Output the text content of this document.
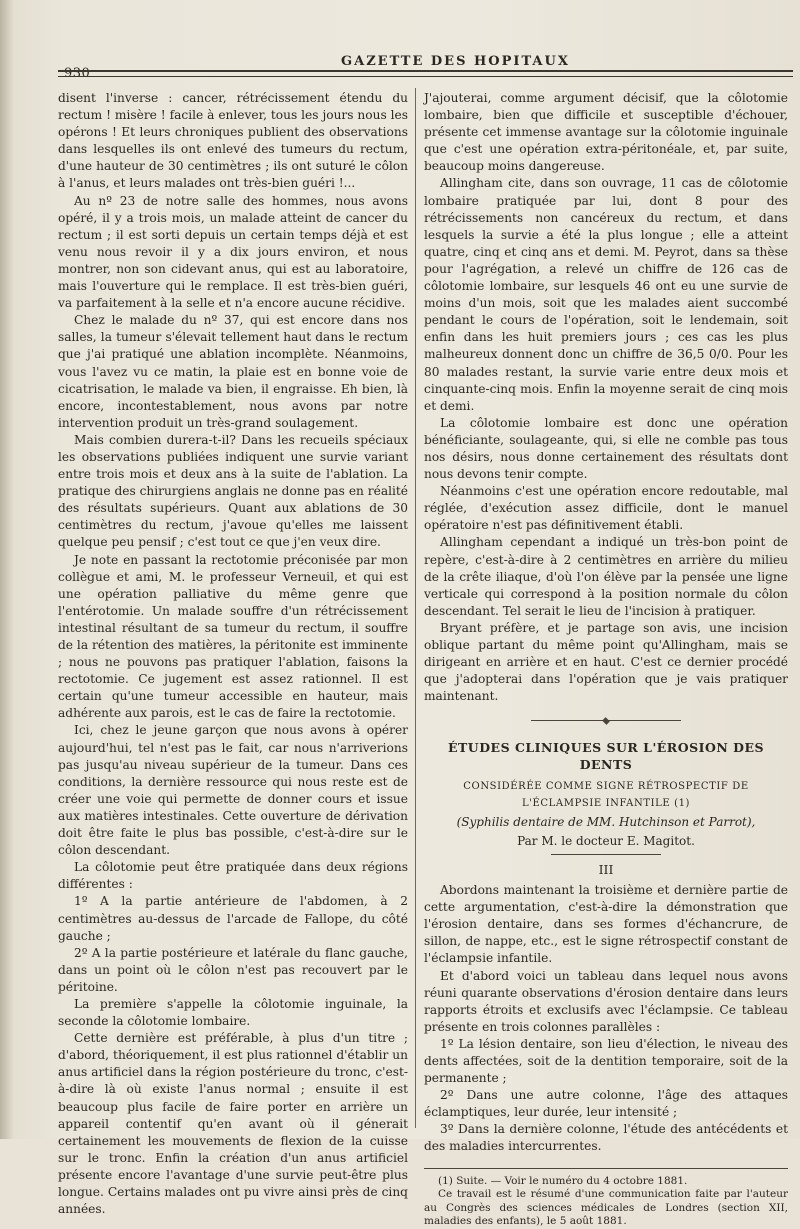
930
GAZETTE DES HOPITAUX

disent l'inverse : cancer, rétrécissement étendu du rectum ! misère ! facile à enlever, tous les jours nous les opérons ! Et leurs chroniques publient des observations dans lesquelles ils ont enlevé des tumeurs du rectum, d'une hauteur de 30 centimètres ; ils ont suturé le côlon à l'anus, et leurs malades ont très-bien guéri !...

Au nº 23 de notre salle des hommes, nous avons opéré, il y a trois mois, un malade atteint de cancer du rectum ; il est sorti depuis un certain temps déjà et est venu nous revoir il y a dix jours environ, et nous montrer, non son cidevant anus, qui est au laboratoire, mais l'ouverture qui le remplace. Il est très-bien guéri, va parfaitement à la selle et n'a encore aucune récidive.

Chez le malade du nº 37, qui est encore dans nos salles, la tumeur s'élevait tellement haut dans le rectum que j'ai pratiqué une ablation incomplète. Néanmoins, vous l'avez vu ce matin, la plaie est en bonne voie de cicatrisation, le malade va bien, il engraisse. Eh bien, là encore, incontestablement, nous avons par notre intervention produit un très-grand soulagement.

Mais combien durera-t-il? Dans les recueils spéciaux les observations publiées indiquent une survie variant entre trois mois et deux ans à la suite de l'ablation. La pratique des chirurgiens anglais ne donne pas en réalité des résultats supérieurs. Quant aux ablations de 30 centimètres du rectum, j'avoue qu'elles me laissent quelque peu pensif ; c'est tout ce que j'en veux dire.

Je note en passant la rectotomie préconisée par mon collègue et ami, M. le professeur Verneuil, et qui est une opération palliative du même genre que l'entérotomie. Un malade souffre d'un rétrécissement intestinal résultant de sa tumeur du rectum, il souffre de la rétention des matières, la péritonite est imminente ; nous ne pouvons pas pratiquer l'ablation, faisons la rectotomie. Ce jugement est assez rationnel. Il est certain qu'une tumeur accessible en hauteur, mais adhérente aux parois, est le cas de faire la rectotomie.

Ici, chez le jeune garçon que nous avons à opérer aujourd'hui, tel n'est pas le fait, car nous n'arriverions pas jusqu'au niveau supérieur de la tumeur. Dans ces conditions, la dernière ressource qui nous reste est de créer une voie qui permette de donner cours et issue aux matières intestinales. Cette ouverture de dérivation doit être faite le plus bas possible, c'est-à-dire sur le côlon descendant.

La côlotomie peut être pratiquée dans deux régions différentes :

1º A la partie antérieure de l'abdomen, à 2 centimètres au-dessus de l'arcade de Fallope, du côté gauche ;

2º A la partie postérieure et latérale du flanc gauche, dans un point où le côlon n'est pas recouvert par le péritoine.

La première s'appelle la côlotomie inguinale, la seconde la côlotomie lombaire.

Cette dernière est préférable, à plus d'un titre ; d'abord, théoriquement, il est plus rationnel d'établir un anus artificiel dans la région postérieure du tronc, c'est-à-dire là où existe l'anus normal ; ensuite il est beaucoup plus facile de faire porter en arrière un appareil contentif qu'en avant où il génerait certainement les mouvements de flexion de la cuisse sur le tronc. Enfin la création d'un anus artificiel présente encore l'avantage d'une survie peut-être plus longue. Certains malades ont pu vivre ainsi près de cinq années.

J'ajouterai, comme argument décisif, que la côlotomie lombaire, bien que difficile et susceptible d'échouer, présente cet immense avantage sur la côlotomie inguinale que c'est une opération extra-péritonéale, et, par suite, beaucoup moins dangereuse.

Allingham cite, dans son ouvrage, 11 cas de côlotomie lombaire pratiquée par lui, dont 8 pour des rétrécissements non cancéreux du rectum, et dans lesquels la survie a été la plus longue ; elle a atteint quatre, cinq et cinq ans et demi. M. Peyrot, dans sa thèse pour l'agrégation, a relevé un chiffre de 126 cas de côlotomie lombaire, sur lesquels 46 ont eu une survie de moins d'un mois, soit que les malades aient succombé pendant le cours de l'opération, soit le lendemain, soit enfin dans les huit premiers jours ; ces cas les plus malheureux donnent donc un chiffre de 36,5 0/0. Pour les 80 malades restant, la survie varie entre deux mois et cinquante-cinq mois. Enfin la moyenne serait de cinq mois et demi.

La côlotomie lombaire est donc une opération bénéficiante, soulageante, qui, si elle ne comble pas tous nos désirs, nous donne certainement des résultats dont nous devons tenir compte.

Néanmoins c'est une opération encore redoutable, mal réglée, d'exécution assez difficile, dont le manuel opératoire n'est pas définitivement établi.

Allingham cependant a indiqué un très-bon point de repère, c'est-à-dire à 2 centimètres en arrière du milieu de la crête iliaque, d'où l'on élève par la pensée une ligne verticale qui correspond à la position normale du côlon descendant. Tel serait le lieu de l'incision à pratiquer.

Bryant préfère, et je partage son avis, une incision oblique partant du même point qu'Allingham, mais se dirigeant en arrière et en haut. C'est ce dernier procédé que j'adopterai dans l'opération que je vais pratiquer maintenant.

ÉTUDES CLINIQUES SUR L'ÉROSION DES DENTS
CONSIDÉRÉE COMME SIGNE RÉTROSPECTIF DE L'ÉCLAMPSIE INFANTILE (1)
(Syphilis dentaire de MM. Hutchinson et Parrot),
Par M. le docteur E. Magitot.
III

Abordons maintenant la troisième et dernière partie de cette argumentation, c'est-à-dire la démonstration que l'érosion dentaire, dans ses formes d'échancrure, de sillon, de nappe, etc., est le signe rétrospectif constant de l'éclampsie infantile.

Et d'abord voici un tableau dans lequel nous avons réuni quarante observations d'érosion dentaire dans leurs rapports étroits et exclusifs avec l'éclampsie. Ce tableau présente en trois colonnes parallèles :

1º La lésion dentaire, son lieu d'élection, le niveau des dents affectées, soit de la dentition temporaire, soit de la permanente ;

2º Dans une autre colonne, l'âge des attaques éclamptiques, leur durée, leur intensité ;

3º Dans la dernière colonne, l'étude des antécédents et des maladies intercurrentes.

(1) Suite. — Voir le numéro du 4 octobre 1881.

Ce travail est le résumé d'une communication faite par l'auteur au Congrès des sciences médicales de Londres (section XII, maladies des enfants), le 5 août 1881.
